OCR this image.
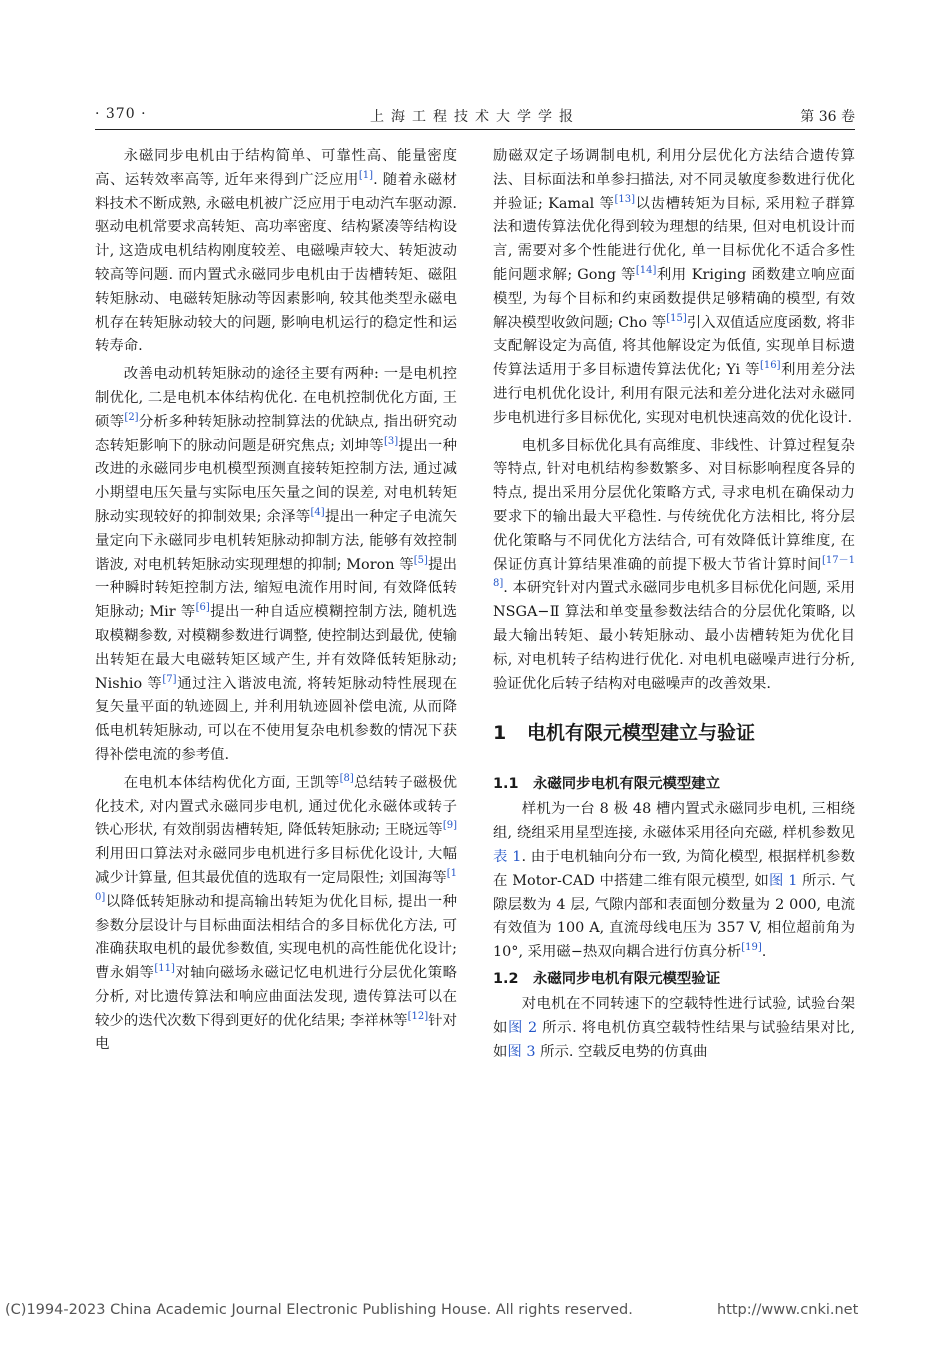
· 370 ·	上海工程技术大学学报	第 36 卷

永磁同步电机由于结构简单、可靠性高、能量密度高、运转效率高等, 近年来得到广泛应用[1]. 随着永磁材料技术不断成熟, 永磁电机被广泛应用于电动汽车驱动源. 驱动电机常要求高转矩、高功率密度、结构紧凑等结构设计, 这造成电机结构刚度较差、电磁噪声较大、转矩波动较高等问题. 而内置式永磁同步电机由于齿槽转矩、磁阻转矩脉动、电磁转矩脉动等因素影响, 较其他类型永磁电机存在转矩脉动较大的问题, 影响电机运行的稳定性和运转寿命.

改善电动机转矩脉动的途径主要有两种: 一是电机控制优化, 二是电机本体结构优化. 在电机控制优化方面, 王硕等[2]分析多种转矩脉动控制算法的优缺点, 指出研究动态转矩影响下的脉动问题是研究焦点; 刘坤等[3]提出一种改进的永磁同步电机模型预测直接转矩控制方法, 通过减小期望电压矢量与实际电压矢量之间的误差, 对电机转矩脉动实现较好的抑制效果; 余泽等[4]提出一种定子电流矢量定向下永磁同步电机转矩脉动抑制方法, 能够有效控制谐波, 对电机转矩脉动实现理想的抑制; Moron 等[5]提出一种瞬时转矩控制方法, 缩短电流作用时间, 有效降低转矩脉动; Mir 等[6]提出一种自适应模糊控制方法, 随机选取模糊参数, 对模糊参数进行调整, 使控制达到最优, 使输出转矩在最大电磁转矩区域产生, 并有效降低转矩脉动; Nishio 等[7]通过注入谐波电流, 将转矩脉动特性展现在复矢量平面的轨迹圆上, 并利用轨迹圆补偿电流, 从而降低电机转矩脉动, 可以在不使用复杂电机参数的情况下获得补偿电流的参考值.

在电机本体结构优化方面, 王凯等[8]总结转子磁极优化技术, 对内置式永磁同步电机, 通过优化永磁体或转子铁心形状, 有效削弱齿槽转矩, 降低转矩脉动; 王晓远等[9]利用田口算法对永磁同步电机进行多目标优化设计, 大幅减少计算量, 但其最优值的选取有一定局限性; 刘国海等[10]以降低转矩脉动和提高输出转矩为优化目标, 提出一种参数分层设计与目标曲面法相结合的多目标优化方法, 可准确获取电机的最优参数值, 实现电机的高性能优化设计; 曹永娟等[11]对轴向磁场永磁记忆电机进行分层优化策略分析, 对比遗传算法和响应曲面法发现, 遗传算法可以在较少的迭代次数下得到更好的优化结果; 李祥林等[12]针对电

励磁双定子场调制电机, 利用分层优化方法结合遗传算法、目标面法和单参扫描法, 对不同灵敏度参数进行优化并验证; Kamal 等[13]以齿槽转矩为目标, 采用粒子群算法和遗传算法优化得到较为理想的结果, 但对电机设计而言, 需要对多个性能进行优化, 单一目标优化不适合多性能问题求解; Gong 等[14]利用 Kriging 函数建立响应面模型, 为每个目标和约束函数提供足够精确的模型, 有效解决模型收敛问题; Cho 等[15]引入双值适应度函数, 将非支配解设定为高值, 将其他解设定为低值, 实现单目标遗传算法适用于多目标遗传算法优化; Yi 等[16]利用差分法进行电机优化设计, 利用有限元法和差分进化法对永磁同步电机进行多目标优化, 实现对电机快速高效的优化设计.

电机多目标优化具有高维度、非线性、计算过程复杂等特点, 针对电机结构参数繁多、对目标影响程度各异的特点, 提出采用分层优化策略方式, 寻求电机在确保动力要求下的输出最大平稳性. 与传统优化方法相比, 将分层优化策略与不同优化方法结合, 可有效降低计算维度, 在保证仿真计算结果准确的前提下极大节省计算时间[17－18]. 本研究针对内置式永磁同步电机多目标优化问题, 采用 NSGA−Ⅱ 算法和单变量参数法结合的分层优化策略, 以最大输出转矩、最小转矩脉动、最小齿槽转矩为优化目标, 对电机转子结构进行优化. 对电机电磁噪声进行分析, 验证优化后转子结构对电磁噪声的改善效果.

1 电机有限元模型建立与验证
1.1 永磁同步电机有限元模型建立

样机为一台 8 极 48 槽内置式永磁同步电机, 三相绕组, 绕组采用星型连接, 永磁体采用径向充磁, 样机参数见表 1. 由于电机轴向分布一致, 为简化模型, 根据样机参数在 Motor-CAD 中搭建二维有限元模型, 如图 1 所示. 气隙层数为 4 层, 气隙内部和表面刨分数量为 2 000, 电流有效值为 100 A, 直流母线电压为 357 V, 相位超前角为 10°, 采用磁−热双向耦合进行仿真分析[19].

1.2 永磁同步电机有限元模型验证

对电机在不同转速下的空载特性进行试验, 试验台架如图 2 所示. 将电机仿真空载特性结果与试验结果对比, 如图 3 所示. 空载反电势的仿真曲

(C)1994-2023 China Academic Journal Electronic Publishing House. All rights reserved.	http://www.cnki.net
